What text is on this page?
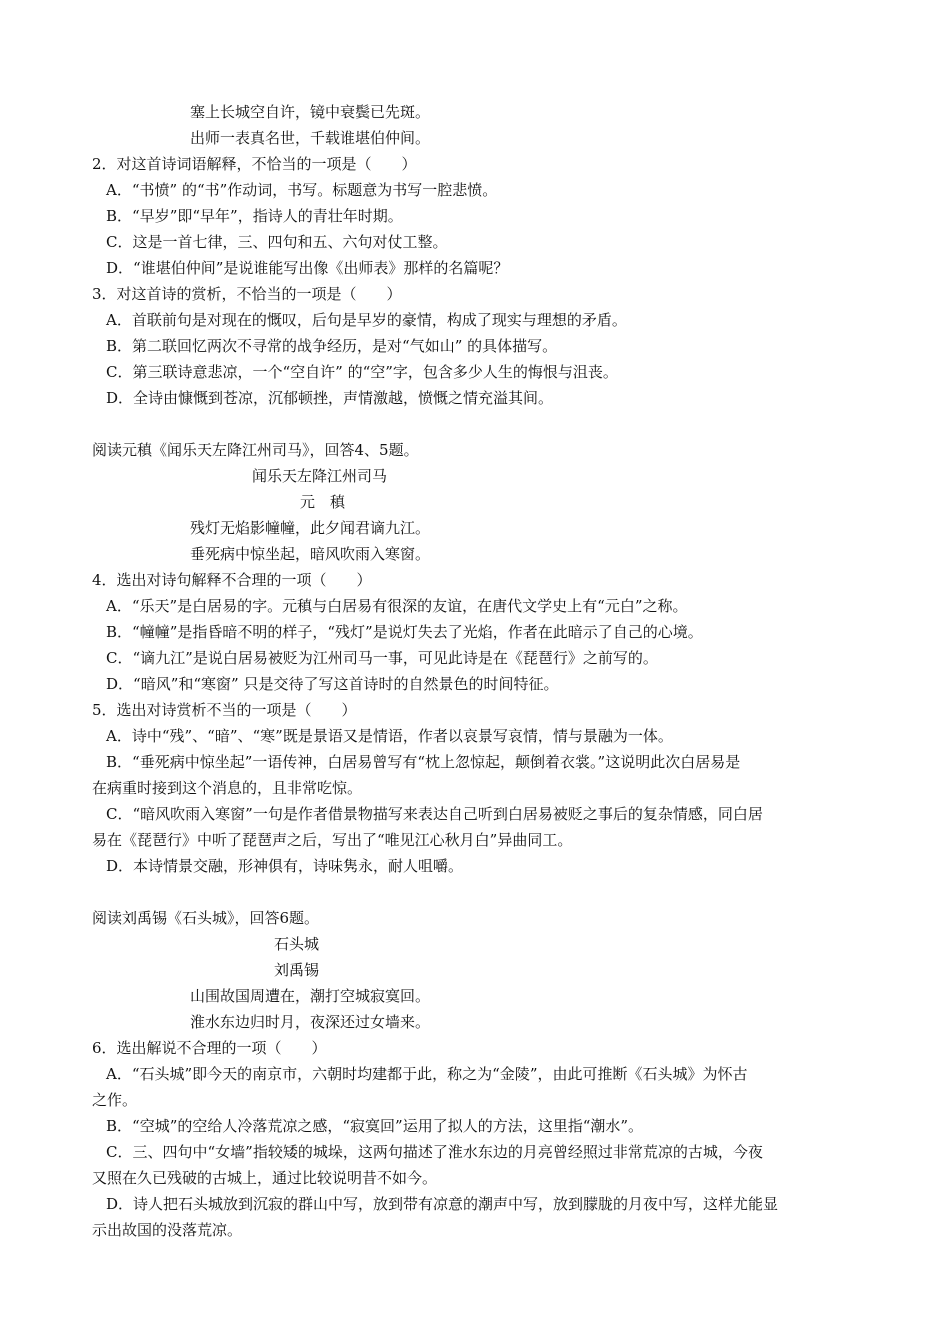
塞上长城空自许，镜中衰鬓已先斑。
出师一表真名世，千载谁堪伯仲间。
2．对这首诗词语解释，不恰当的一项是（　　）
A．“书愤” 的“书”作动词，书写。标题意为书写一腔悲愤。
B．“早岁”即“早年”，指诗人的青壮年时期。
C．这是一首七律，三、四句和五、六句对仗工整。
D．“谁堪伯仲间”是说谁能写出像《出师表》那样的名篇呢？
3．对这首诗的赏析，不恰当的一项是（　　）
A．首联前句是对现在的慨叹，后句是早岁的豪情，构成了现实与理想的矛盾。
B．第二联回忆两次不寻常的战争经历，是对“气如山” 的具体描写。
C．第三联诗意悲凉，一个“空自许” 的“空”字，包含多少人生的悔恨与沮丧。
D．全诗由慷慨到苍凉，沉郁顿挫，声情激越，愤慨之情充溢其间。
阅读元稹《闻乐天左降江州司马》，回答4、5题。
闻乐天左降江州司马
元　稹
残灯无焰影幢幢，此夕闻君谪九江。
垂死病中惊坐起，暗风吹雨入寒窗。
4．选出对诗句解释不合理的一项（　　）
A．“乐天”是白居易的字。元稹与白居易有很深的友谊，在唐代文学史上有“元白”之称。
B．“幢幢”是指昏暗不明的样子，“残灯”是说灯失去了光焰，作者在此暗示了自己的心境。
C．“谪九江”是说白居易被贬为江州司马一事，可见此诗是在《琵琶行》之前写的。
D．“暗风”和“寒窗” 只是交待了写这首诗时的自然景色的时间特征。
5．选出对诗赏析不当的一项是（　　）
A．诗中“残”、“暗”、“寒”既是景语又是情语，作者以哀景写哀情，情与景融为一体。
B．“垂死病中惊坐起”一语传神，白居易曾写有“枕上忽惊起，颠倒着衣裳。”这说明此次白居易是
在病重时接到这个消息的，且非常吃惊。
C．“暗风吹雨入寒窗”一句是作者借景物描写来表达自己听到白居易被贬之事后的复杂情感，同白居
易在《琵琶行》中听了琵琶声之后，写出了“唯见江心秋月白”异曲同工。
D．本诗情景交融，形神俱有，诗味隽永，耐人咀嚼。
阅读刘禹锡《石头城》，回答6题。
石头城
刘禹锡
山围故国周遭在，潮打空城寂寞回。
淮水东边归时月，夜深还过女墙来。
6．选出解说不合理的一项（　　）
A．“石头城”即今天的南京市，六朝时均建都于此，称之为“金陵”，由此可推断《石头城》为怀古
之作。
B．“空城”的空给人冷落荒凉之感，“寂寞回”运用了拟人的方法，这里指“潮水”。
C．三、四句中“女墙”指较矮的城垛，这两句描述了淮水东边的月亮曾经照过非常荒凉的古城，今夜
又照在久已残破的古城上，通过比较说明昔不如今。
D．诗人把石头城放到沉寂的群山中写，放到带有凉意的潮声中写，放到朦胧的月夜中写，这样尤能显
示出故国的没落荒凉。
